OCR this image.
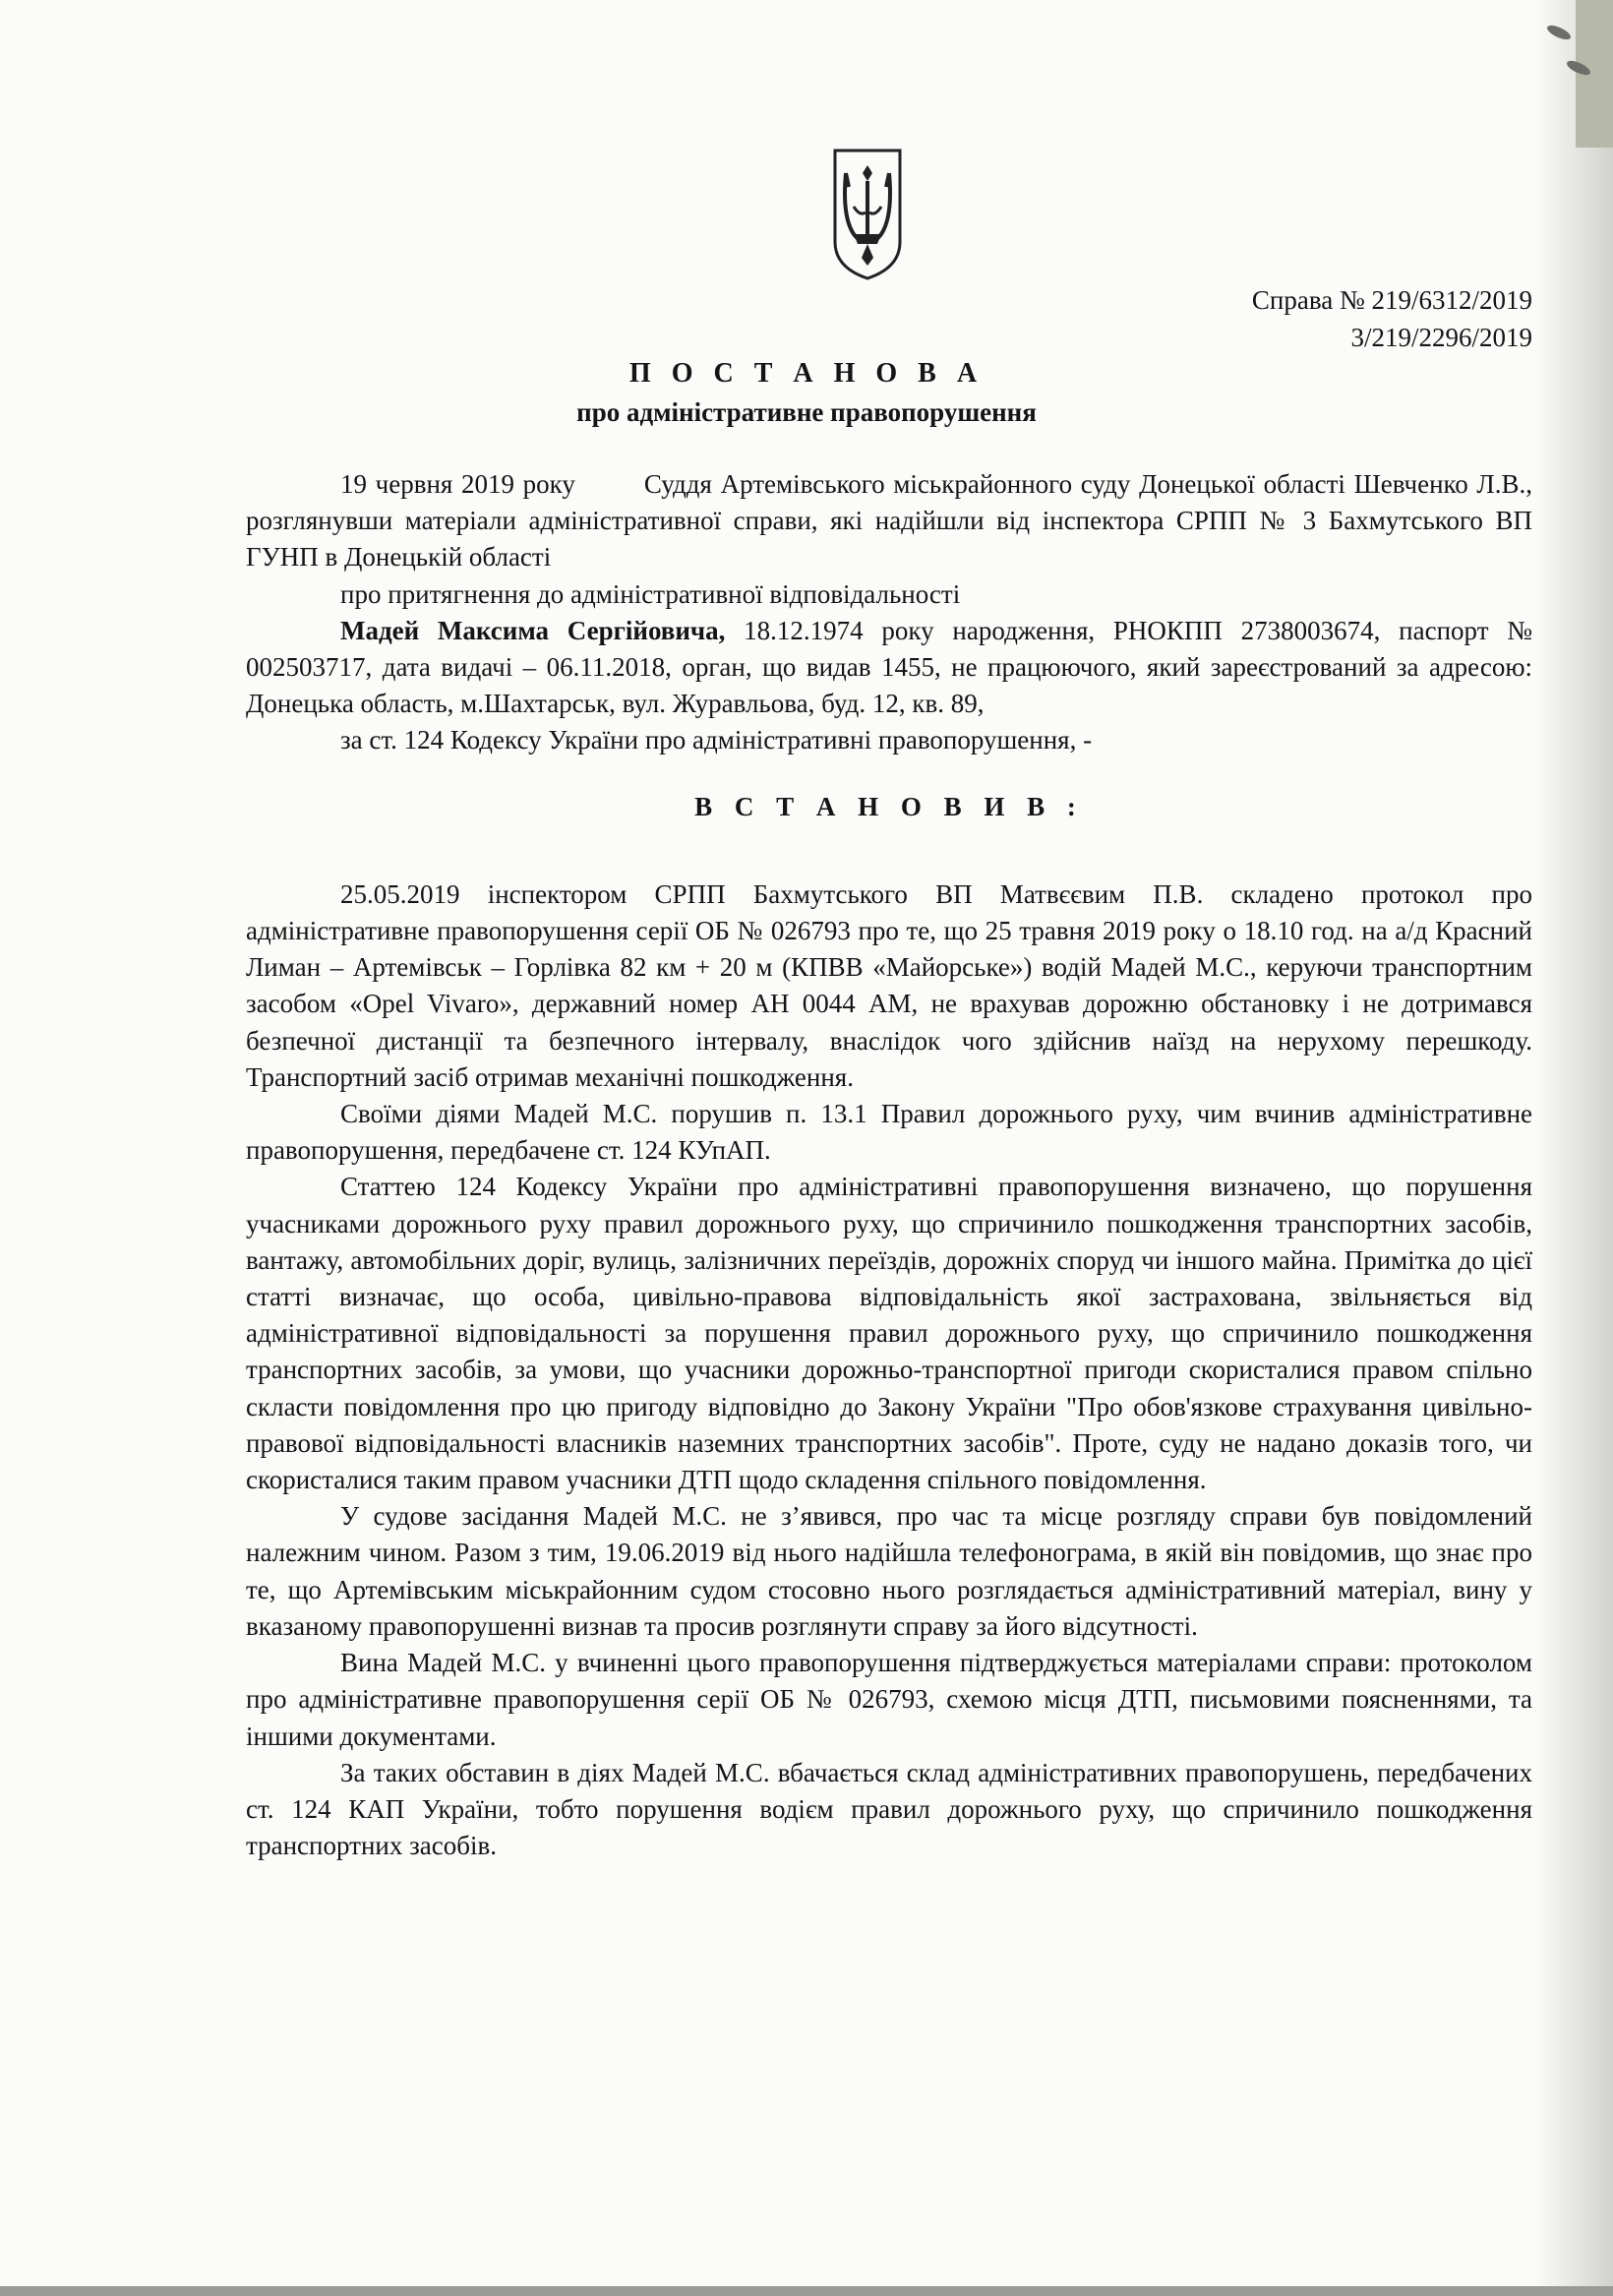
Справа № 219/6312/2019
3/219/2296/2019
П О С Т А Н О В А
про адміністративне правопорушення

19 червня 2019 року	Суддя Артемівського міськрайонного суду Донецької області Шевченко Л.В., розглянувши матеріали адміністративної справи, які надійшли від інспектора СРПП № 3 Бахмутського ВП ГУНП в Донецькій області

про притягнення до адміністративної відповідальності

Мадей Максима Сергійовича, 18.12.1974 року народження, РНОКПП 2738003674, паспорт № 002503717, дата видачі – 06.11.2018, орган, що видав 1455, не працюючого, який зареєстрований за адресою: Донецька область, м.Шахтарськ, вул. Журавльова, буд. 12, кв. 89,

за ст. 124 Кодексу України про адміністративні правопорушення, -

В С Т А Н О В И В :

25.05.2019 інспектором СРПП Бахмутського ВП Матвєєвим П.В. складено протокол про адміністративне правопорушення серії ОБ № 026793 про те, що 25 травня 2019 року о 18.10 год. на а/д Красний Лиман – Артемівськ – Горлівка 82 км + 20 м (КПВВ «Майорське») водій Мадей М.С., керуючи транспортним засобом «Opel Vivaro», державний номер АН 0044 АМ, не врахував дорожню обстановку і не дотримався безпечної дистанції та безпечного інтервалу, внаслідок чого здійснив наїзд на нерухому перешкоду. Транспортний засіб отримав механічні пошкодження.

Своїми діями Мадей М.С. порушив п. 13.1 Правил дорожнього руху, чим вчинив адміністративне правопорушення, передбачене ст. 124 КУпАП.

Статтею 124 Кодексу України про адміністративні правопорушення визначено, що порушення учасниками дорожнього руху правил дорожнього руху, що спричинило пошкодження транспортних засобів, вантажу, автомобільних доріг, вулиць, залізничних переїздів, дорожніх споруд чи іншого майна. Примітка до цієї статті визначає, що особа, цивільно-правова відповідальність якої застрахована, звільняється від адміністративної відповідальності за порушення правил дорожнього руху, що спричинило пошкодження транспортних засобів, за умови, що учасники дорожньо-транспортної пригоди скористалися правом спільно скласти повідомлення про цю пригоду відповідно до Закону України "Про обов'язкове страхування цивільно-правової відповідальності власників наземних транспортних засобів". Проте, суду не надано доказів того, чи скористалися таким правом учасники ДТП щодо складення спільного повідомлення.

У судове засідання Мадей М.С. не з’явився, про час та місце розгляду справи був повідомлений належним чином. Разом з тим, 19.06.2019 від нього надійшла телефонограма, в якій він повідомив, що знає про те, що Артемівським міськрайонним судом стосовно нього розглядається адміністративний матеріал, вину у вказаному правопорушенні визнав та просив розглянути справу за його відсутності.

Вина Мадей М.С. у вчиненні цього правопорушення підтверджується матеріалами справи: протоколом про адміністративне правопорушення серії ОБ № 026793, схемою місця ДТП, письмовими поясненнями, та іншими документами.

За таких обставин в діях Мадей М.С. вбачається склад адміністративних правопорушень, передбачених ст. 124 КАП України, тобто порушення водієм правил дорожнього руху, що спричинило пошкодження транспортних засобів.
